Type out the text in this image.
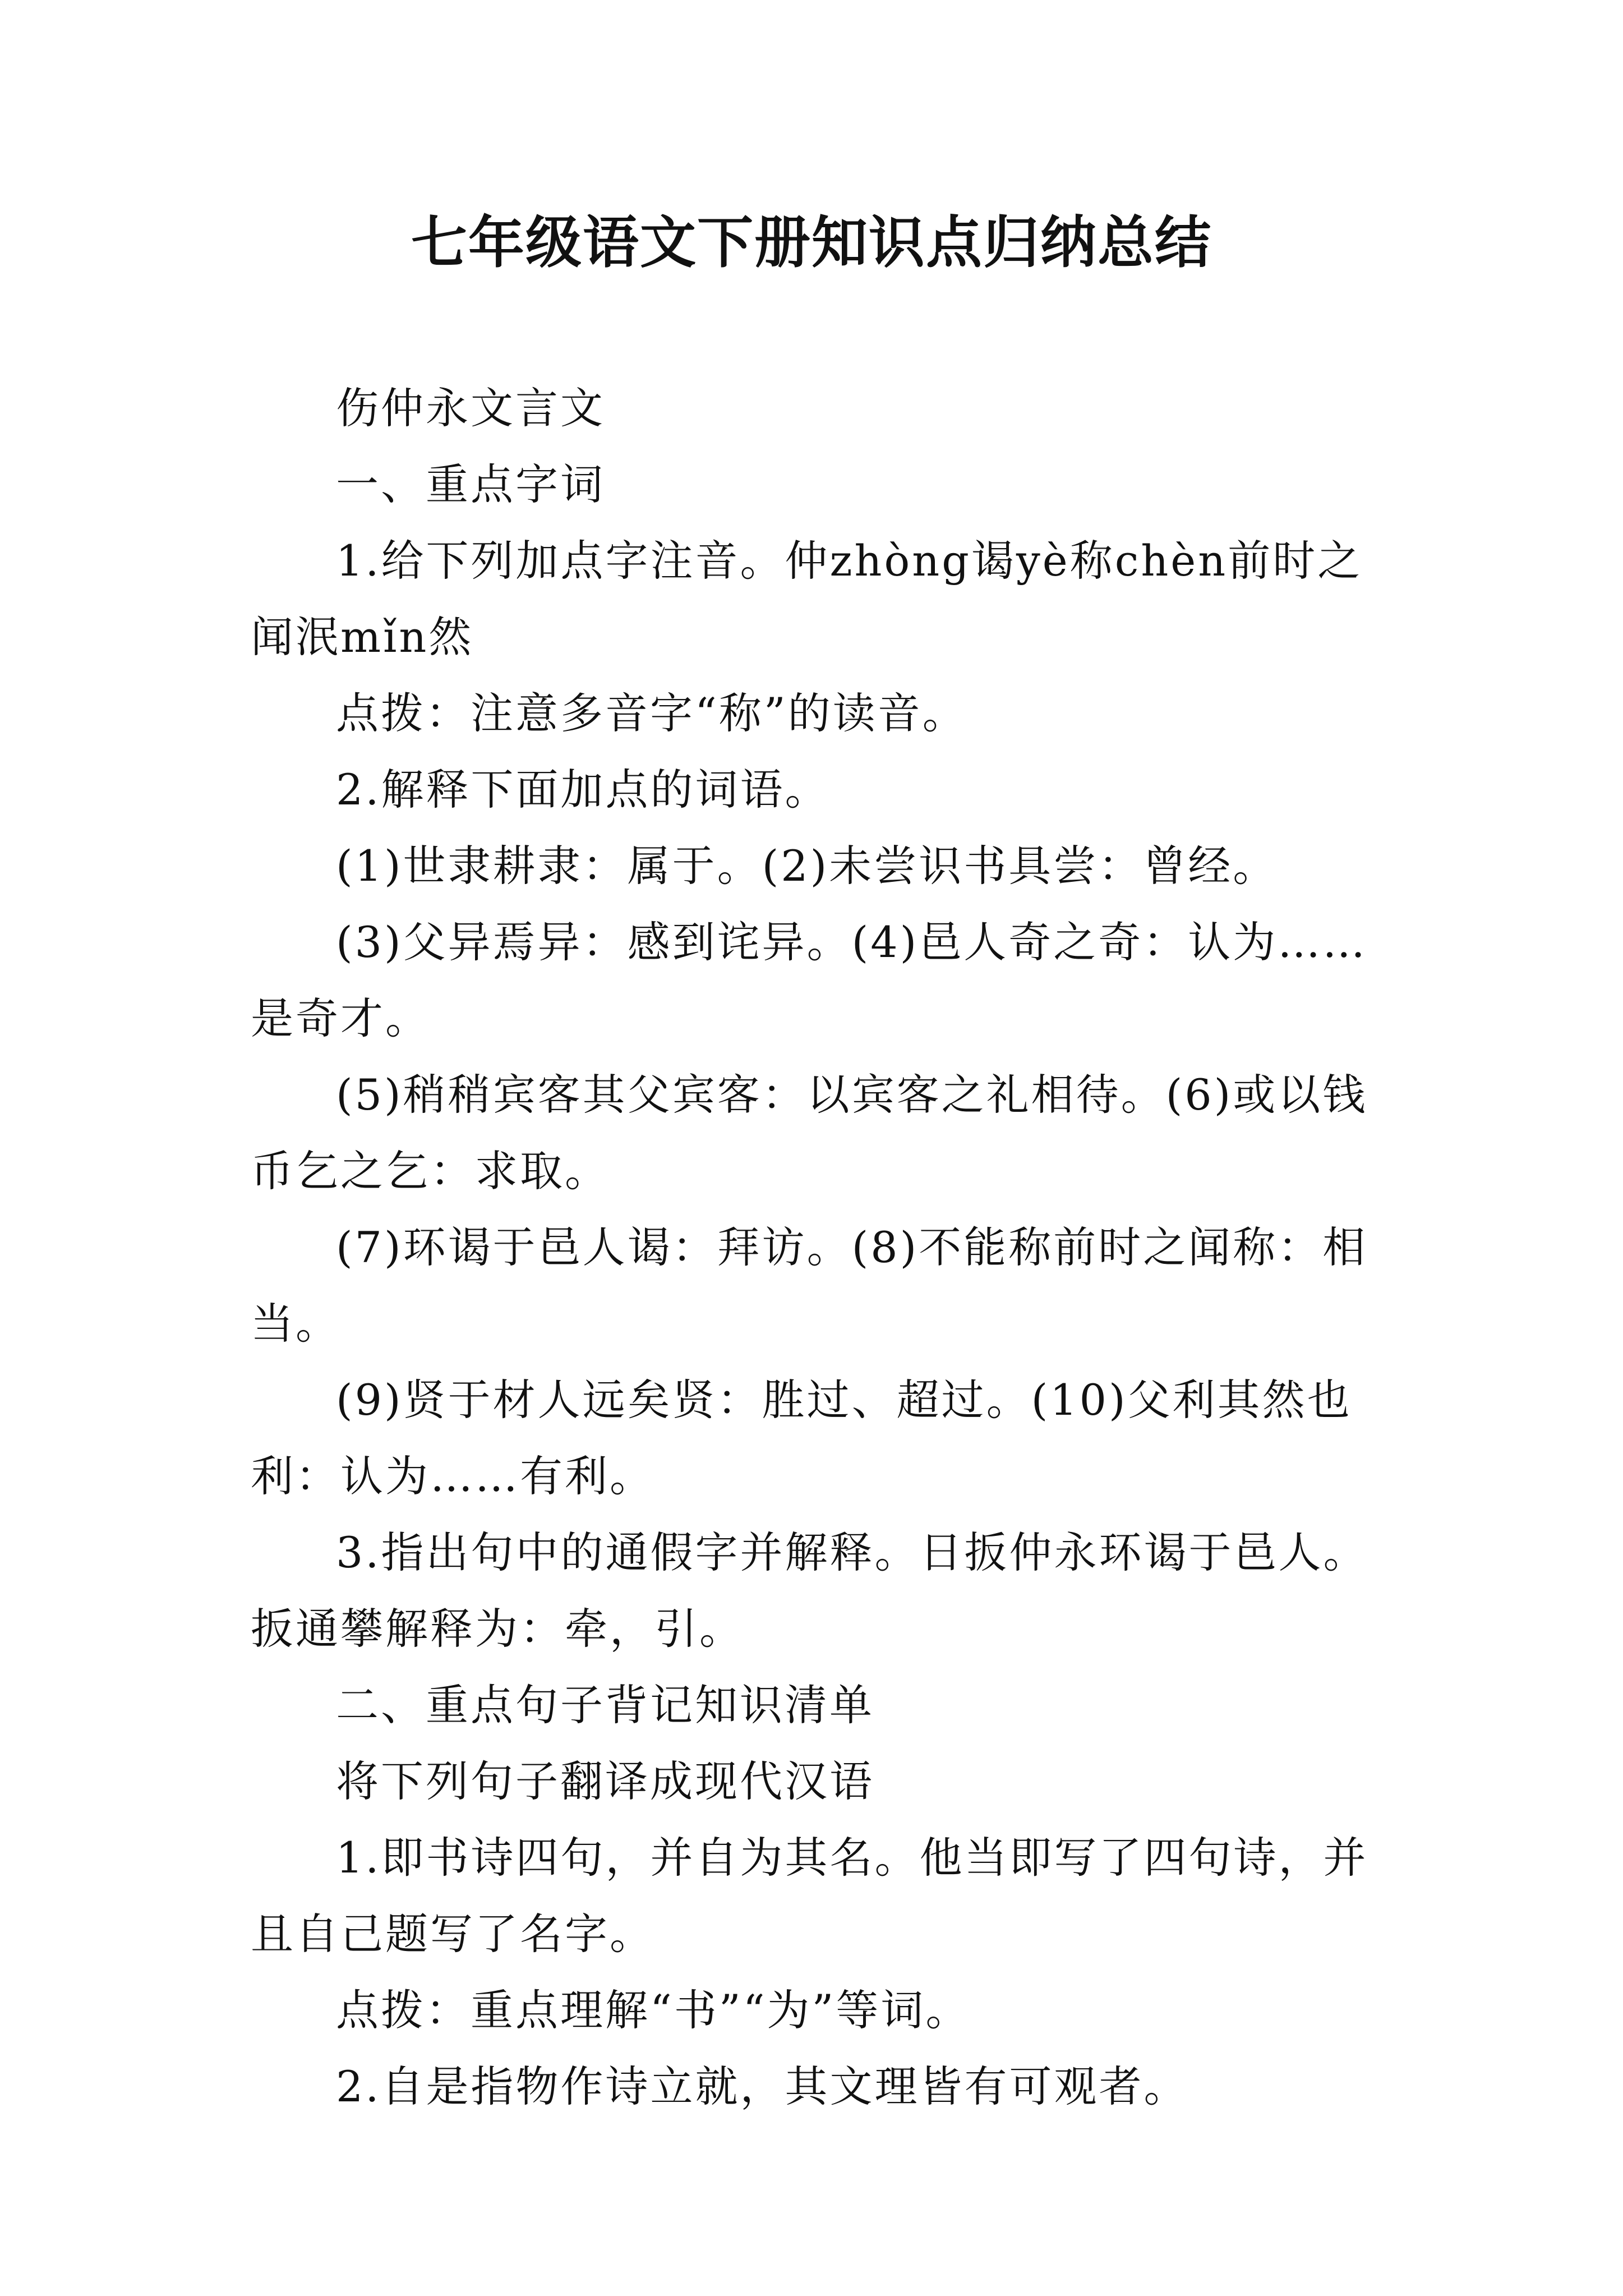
七年级语文下册知识点归纳总结

伤仲永文言文

一、重点字词

1.给下列加点字注音。仲zhòng谒yè称chèn前时之闻泯mǐn然

点拨：注意多音字“称”的读音。

2.解释下面加点的词语。

(1)世隶耕隶：属于。(2)未尝识书具尝：曾经。

(3)父异焉异：感到诧异。(4)邑人奇之奇：认为……是奇才。

(5)稍稍宾客其父宾客：以宾客之礼相待。(6)或以钱币乞之乞：求取。

(7)环谒于邑人谒：拜访。(8)不能称前时之闻称：相当。

(9)贤于材人远矣贤：胜过、超过。(10)父利其然也利：认为……有利。

3.指出句中的通假字并解释。日扳仲永环谒于邑人。扳通攀解释为：牵，引。

二、重点句子背记知识清单

将下列句子翻译成现代汉语

1.即书诗四句，并自为其名。他当即写了四句诗，并且自己题写了名字。

点拨：重点理解“书”“为”等词。

2.自是指物作诗立就，其文理皆有可观者。
